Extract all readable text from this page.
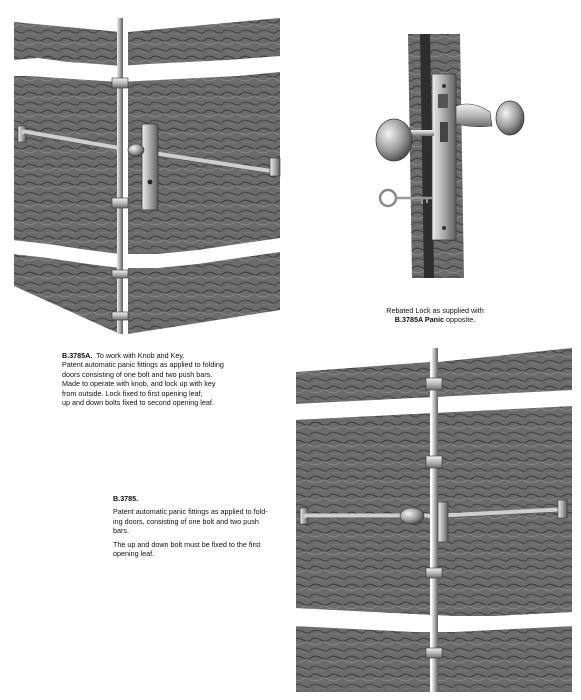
B.3785A. To work with Knob and Key.

Patent automatic panic fittings as applied to folding

doors consisting of one bolt and two push bars.

Made to operate with knob, and lock up with key

from outside. Lock fixed to first opening leaf,

up and down bolts fixed to second opening leaf.

Rebated Lock as supplied with

B.3785A Panic opposite.

B.3785.

Patent automatic panic fittings as applied to fold-

ing doors, consisting of one bolt and two push

bars.

The up and down bolt must be fixed to the first

opening leaf.
